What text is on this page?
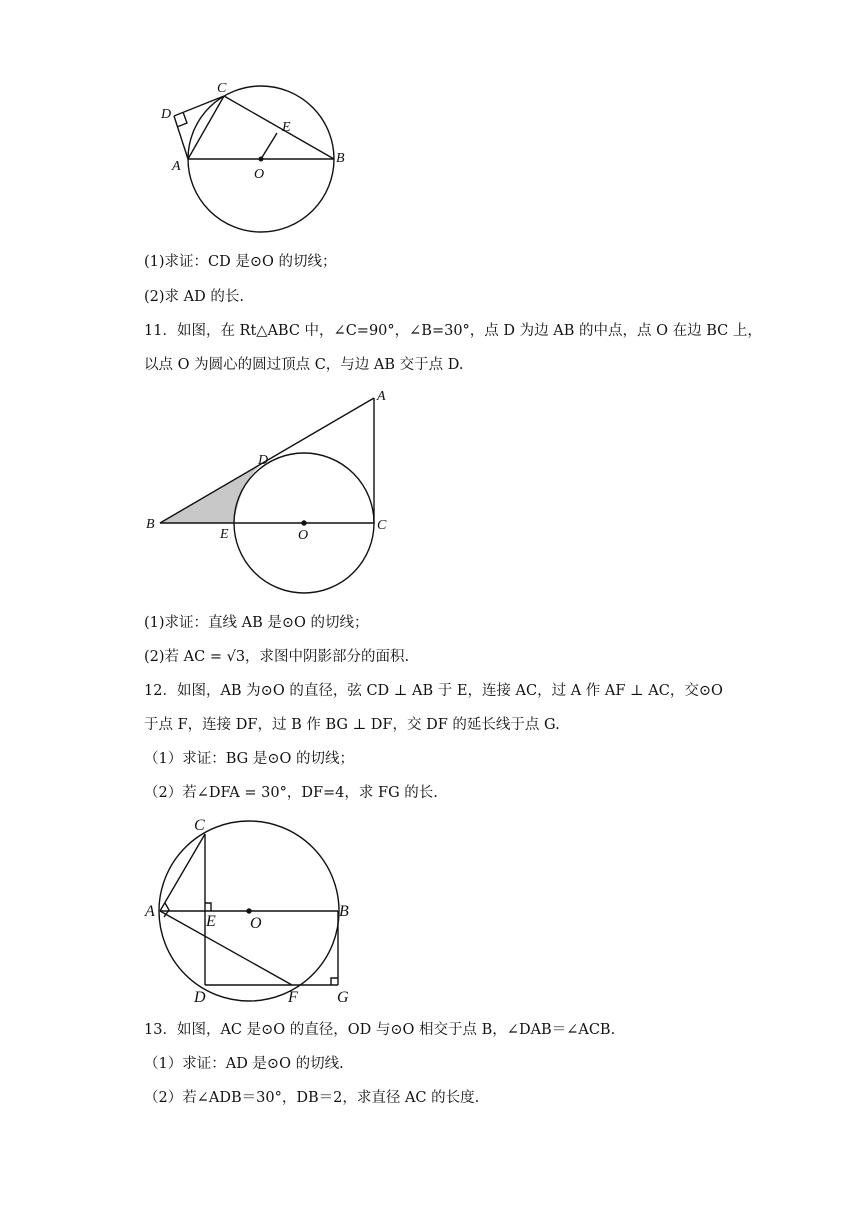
D
C
E
A
B
O
(1)求证：CD 是⊙O 的切线；
(2)求 AD 的长.
11．如图，在 Rt△ABC 中，∠C=90°，∠B=30°，点 D 为边 AB 的中点，点 O 在边 BC 上，
以点 O 为圆心的圆过顶点 C，与边 AB 交于点 D.
A
D
B
E	O
C
(1)求证：直线 AB 是⊙O 的切线；
(2)若 AC = √3，求图中阴影部分的面积.
12．如图，AB 为⊙O 的直径，弦 CD ⊥ AB 于 E，连接 AC，过 A 作 AF ⊥ AC，交⊙O
于点 F，连接 DF，过 B 作 BG ⊥ DF，交 DF 的延长线于点 G.
（1）求证：BG 是⊙O 的切线；
（2）若∠DFA = 30°，DF=4，求 FG 的长.
C
A
E O
B
D	F G
13．如图，AC 是⊙O 的直径，OD 与⊙O 相交于点 B，∠DAB＝∠ACB.
（1）求证：AD 是⊙O 的切线.
（2）若∠ADB＝30°，DB＝2，求直径 AC 的长度.
